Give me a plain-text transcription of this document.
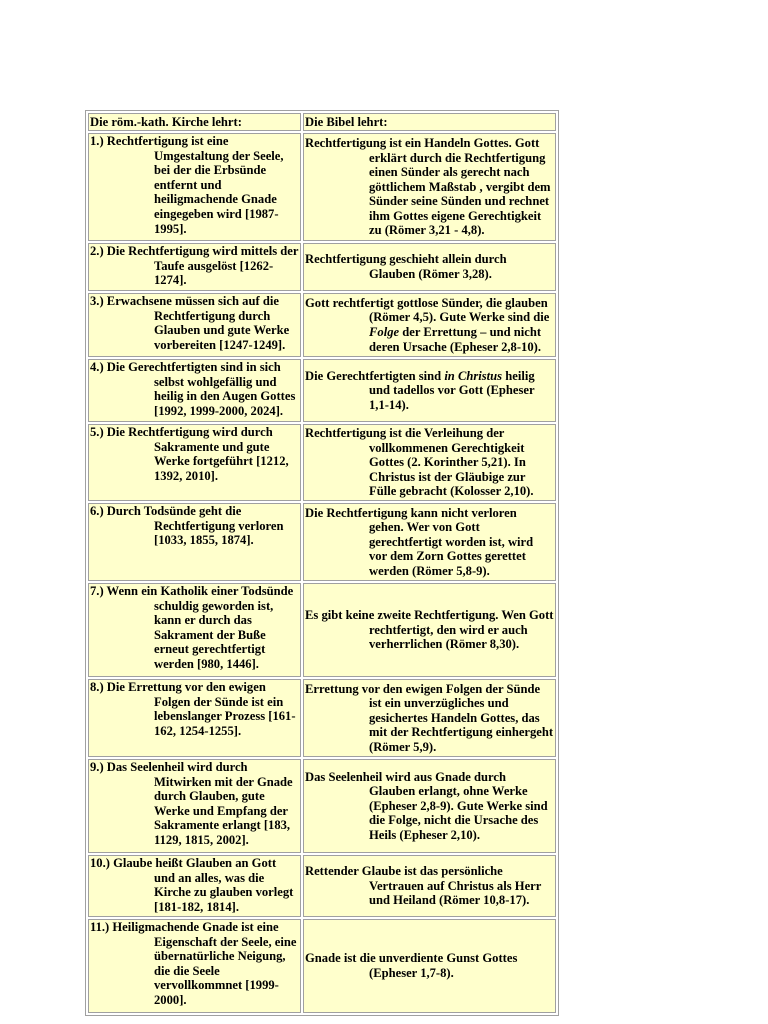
Die röm.-kath. Kirche lehrt:	Die Bibel lehrt:

1.) Rechtfertigung ist eine Umgestaltung der Seele, bei der die Erbsünde entfernt und heiligmachende Gnade eingegeben wird [1987-1995].	Rechtfertigung ist ein Handeln Gottes. Gott erklärt durch die Rechtfertigung einen Sünder als gerecht nach göttlichem Maßstab , vergibt dem Sünder seine Sünden und rechnet ihm Gottes eigene Gerechtigkeit zu (Römer 3,21 - 4,8).

2.) Die Rechtfertigung wird mittels der Taufe ausgelöst [1262-1274].	Rechtfertigung geschieht allein durch Glauben (Römer 3,28).

3.) Erwachsene müssen sich auf die Rechtfertigung durch Glauben und gute Werke vorbereiten [1247-1249].	Gott rechtfertigt gottlose Sünder, die glauben (Römer 4,5). Gute Werke sind die Folge der Errettung – und nicht deren Ursache (Epheser 2,8-10).

4.) Die Gerechtfertigten sind in sich selbst wohlgefällig und heilig in den Augen Gottes [1992, 1999-2000, 2024].	Die Gerechtfertigten sind in Christus heilig und tadellos vor Gott (Epheser 1,1-14).

5.) Die Rechtfertigung wird durch Sakramente und gute Werke fortgeführt [1212, 1392, 2010].	Rechtfertigung ist die Verleihung der vollkommenen Gerechtigkeit Gottes (2. Korinther 5,21). In Christus ist der Gläubige zur Fülle gebracht (Kolosser 2,10).

6.) Durch Todsünde geht die Rechtfertigung verloren [1033, 1855, 1874].	Die Rechtfertigung kann nicht verloren gehen. Wer von Gott gerechtfertigt worden ist, wird vor dem Zorn Gottes gerettet werden (Römer 5,8-9).

7.) Wenn ein Katholik einer Todsünde schuldig geworden ist, kann er durch das Sakrament der Buße erneut gerechtfertigt werden [980, 1446].	Es gibt keine zweite Rechtfertigung. Wen Gott rechtfertigt, den wird er auch verherrlichen (Römer 8,30).

8.) Die Errettung vor den ewigen Folgen der Sünde ist ein lebenslanger Prozess [161-162, 1254-1255].	Errettung vor den ewigen Folgen der Sünde ist ein unverzügliches und gesichertes Handeln Gottes, das mit der Rechtfertigung einhergeht (Römer 5,9).

9.) Das Seelenheil wird durch Mitwirken mit der Gnade durch Glauben, gute Werke und Empfang der Sakramente erlangt [183, 1129, 1815, 2002].	Das Seelenheil wird aus Gnade durch Glauben erlangt, ohne Werke (Epheser 2,8-9). Gute Werke sind die Folge, nicht die Ursache des Heils (Epheser 2,10).

10.) Glaube heißt Glauben an Gott und an alles, was die Kirche zu glauben vorlegt [181-182, 1814].	Rettender Glaube ist das persönliche Vertrauen auf Christus als Herr und Heiland (Römer 10,8-17).

11.) Heiligmachende Gnade ist eine Eigenschaft der Seele, eine übernatürliche Neigung, die die Seele vervollkommnet [1999-2000].	Gnade ist die unverdiente Gunst Gottes (Epheser 1,7-8).
